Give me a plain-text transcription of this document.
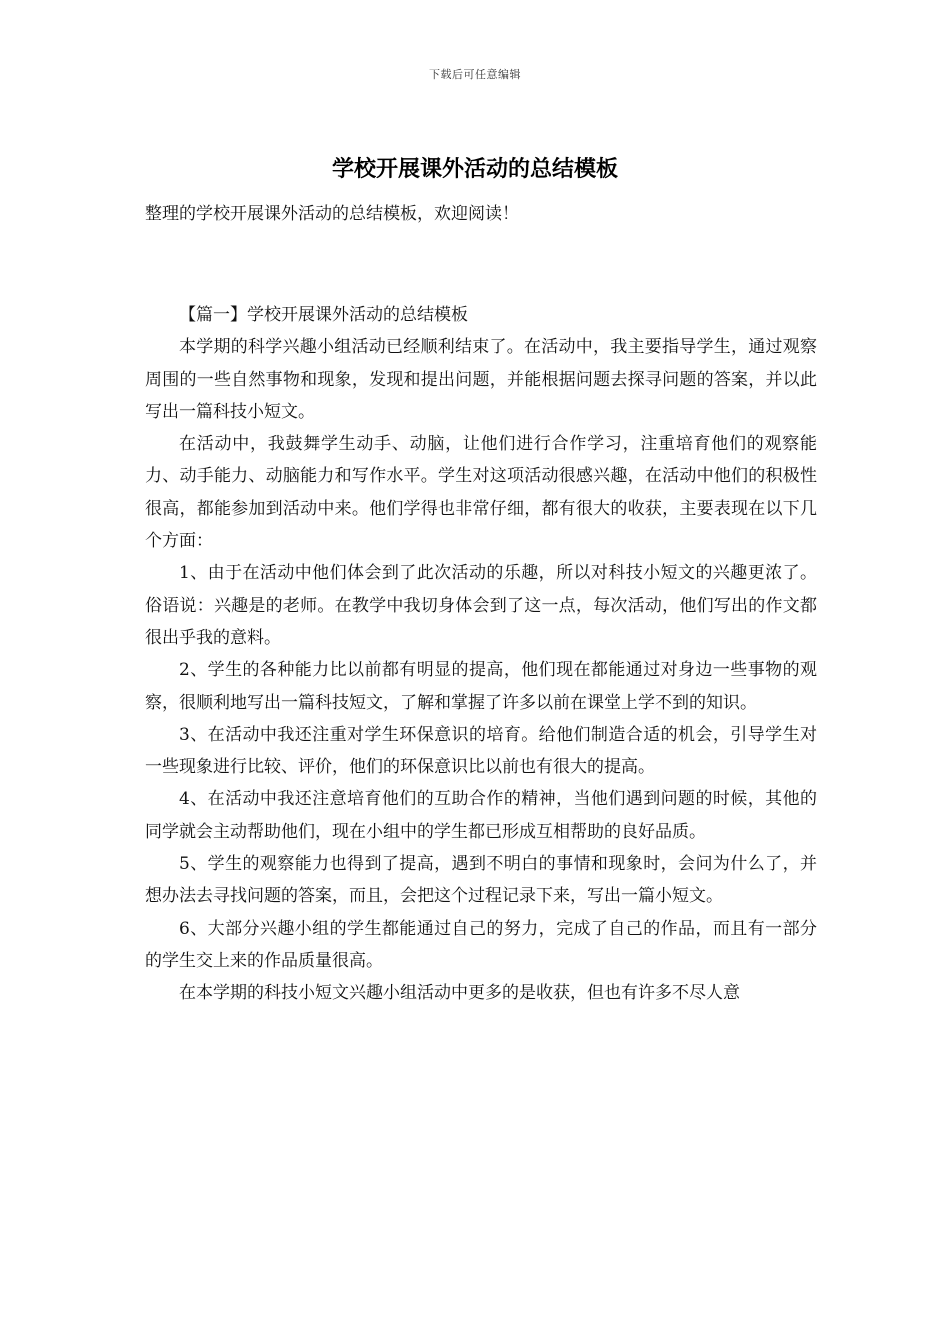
下载后可任意编辑
学校开展课外活动的总结模板
整理的学校开展课外活动的总结模板，欢迎阅读！

【篇一】学校开展课外活动的总结模板

本学期的科学兴趣小组活动已经顺利结束了。在活动中，我主要指导学生，通过观察周围的一些自然事物和现象，发现和提出问题，并能根据问题去探寻问题的答案，并以此写出一篇科技小短文。

在活动中，我鼓舞学生动手、动脑，让他们进行合作学习，注重培育他们的观察能力、动手能力、动脑能力和写作水平。学生对这项活动很感兴趣，在活动中他们的积极性很高，都能参加到活动中来。他们学得也非常仔细，都有很大的收获，主要表现在以下几个方面：

1、由于在活动中他们体会到了此次活动的乐趣，所以对科技小短文的兴趣更浓了。俗语说：兴趣是的老师。在教学中我切身体会到了这一点，每次活动，他们写出的作文都很出乎我的意料。

2、学生的各种能力比以前都有明显的提高，他们现在都能通过对身边一些事物的观察，很顺利地写出一篇科技短文，了解和掌握了许多以前在课堂上学不到的知识。

3、在活动中我还注重对学生环保意识的培育。给他们制造合适的机会，引导学生对一些现象进行比较、评价，他们的环保意识比以前也有很大的提高。

4、在活动中我还注意培育他们的互助合作的精神，当他们遇到问题的时候，其他的同学就会主动帮助他们，现在小组中的学生都已形成互相帮助的良好品质。

5、学生的观察能力也得到了提高，遇到不明白的事情和现象时，会问为什么了，并想办法去寻找问题的答案，而且，会把这个过程记录下来，写出一篇小短文。

6、大部分兴趣小组的学生都能通过自己的努力，完成了自己的作品，而且有一部分的学生交上来的作品质量很高。

在本学期的科技小短文兴趣小组活动中更多的是收获，但也有许多不尽人意
